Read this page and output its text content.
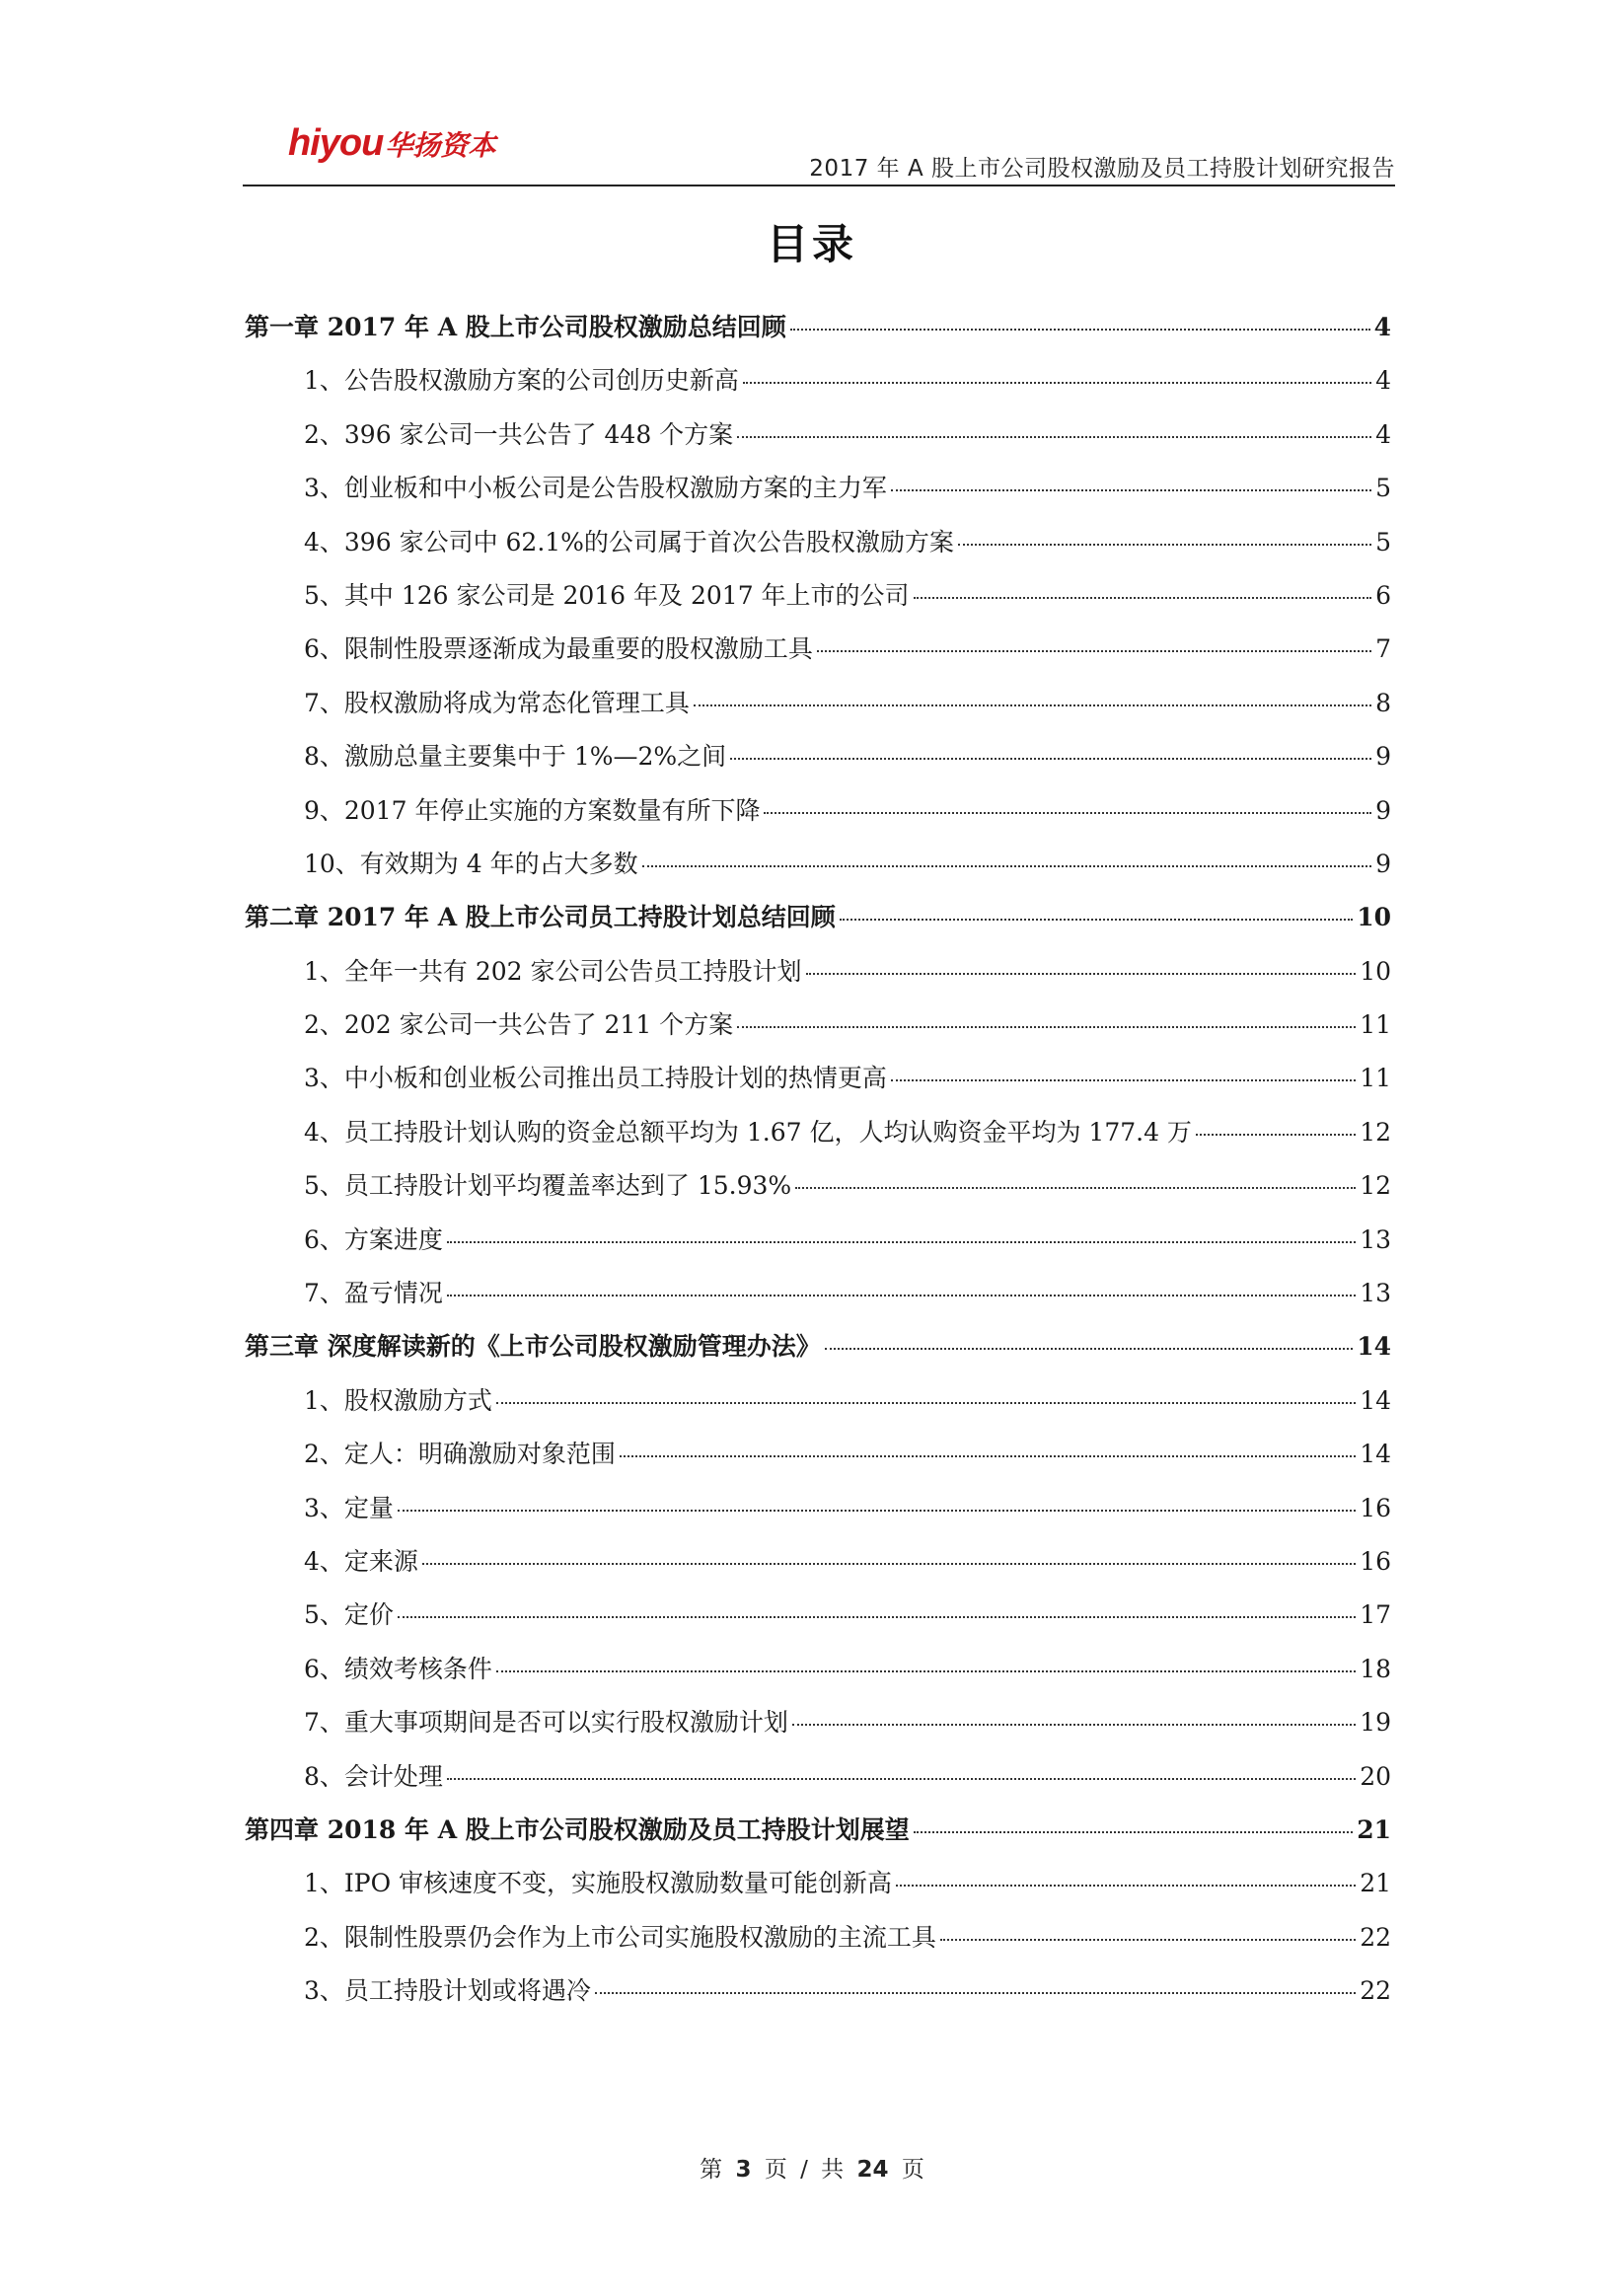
hiyou 华扬资本
2017 年 A 股上市公司股权激励及员工持股计划研究报告
目录
第一章 2017 年 A 股上市公司股权激励总结回顾	4
1、公告股权激励方案的公司创历史新高	4
2、396 家公司一共公告了 448 个方案	4
3、创业板和中小板公司是公告股权激励方案的主力军	5
4、396 家公司中 62.1%的公司属于首次公告股权激励方案	5
5、其中 126 家公司是 2016 年及 2017 年上市的公司	6
6、限制性股票逐渐成为最重要的股权激励工具	7
7、股权激励将成为常态化管理工具	8
8、激励总量主要集中于 1%—2%之间	9
9、2017 年停止实施的方案数量有所下降	9
10、有效期为 4 年的占大多数	9
第二章 2017 年 A 股上市公司员工持股计划总结回顾	10
1、全年一共有 202 家公司公告员工持股计划	10
2、202 家公司一共公告了 211 个方案	11
3、中小板和创业板公司推出员工持股计划的热情更高	11
4、员工持股计划认购的资金总额平均为 1.67 亿，人均认购资金平均为 177.4 万	12
5、员工持股计划平均覆盖率达到了 15.93%	12
6、方案进度	13
7、盈亏情况	13
第三章 深度解读新的《上市公司股权激励管理办法》	14
1、股权激励方式	14
2、定人：明确激励对象范围	14
3、定量	16
4、定来源	16
5、定价	17
6、绩效考核条件	18
7、重大事项期间是否可以实行股权激励计划	19
8、会计处理	20
第四章 2018 年 A 股上市公司股权激励及员工持股计划展望	21
1、IPO 审核速度不变，实施股权激励数量可能创新高	21
2、限制性股票仍会作为上市公司实施股权激励的主流工具	22
3、员工持股计划或将遇冷	22
第 3 页 / 共 24 页
